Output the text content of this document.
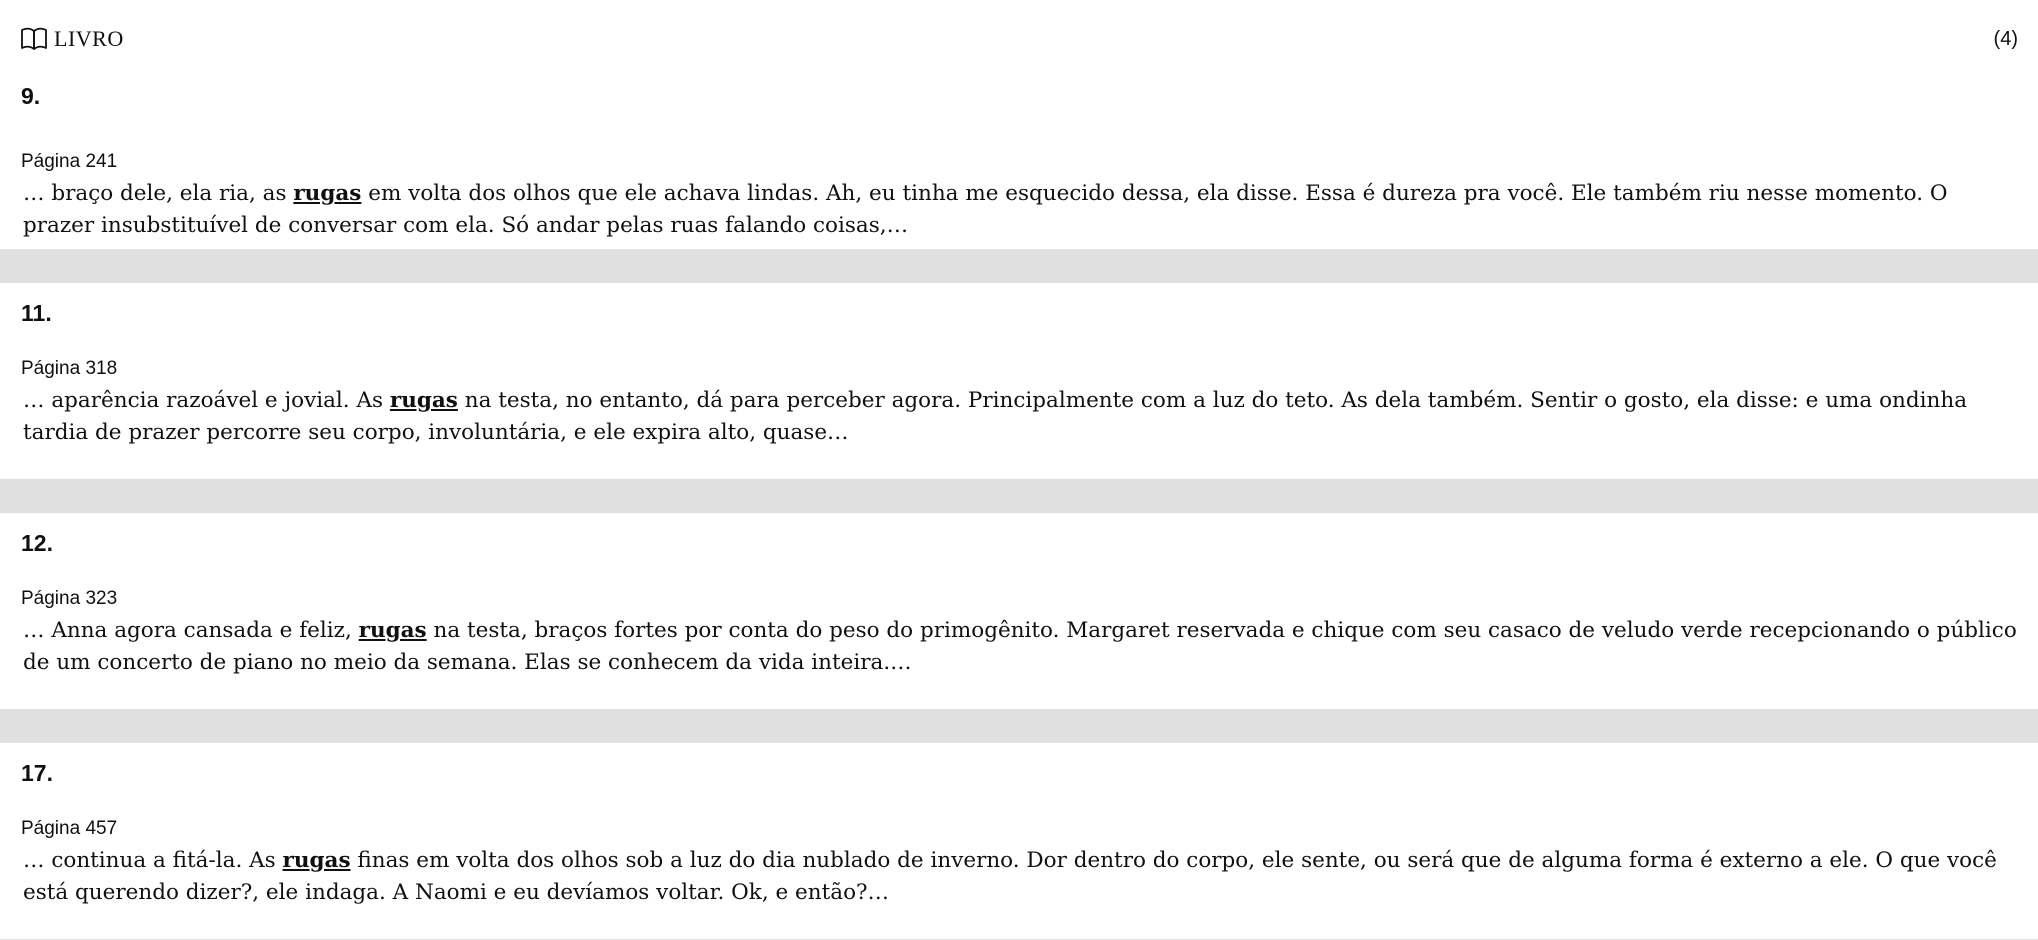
LIVRO	(4)
9.
Página 241
… braço dele, ela ria, as rugas em volta dos olhos que ele achava lindas. Ah, eu tinha me esquecido dessa, ela disse. Essa é dureza pra você. Ele também riu nesse momento. O prazer insubstituível de conversar com ela. Só andar pelas ruas falando coisas,…
11.
Página 318
… aparência razoável e jovial. As rugas na testa, no entanto, dá para perceber agora. Principalmente com a luz do teto. As dela também. Sentir o gosto, ela disse: e uma ondinha tardia de prazer percorre seu corpo, involuntária, e ele expira alto, quase…
12.
Página 323
… Anna agora cansada e feliz, rugas na testa, braços fortes por conta do peso do primogênito. Margaret reservada e chique com seu casaco de veludo verde recepcionando o público de um concerto de piano no meio da semana. Elas se conhecem da vida inteira.…
17.
Página 457
… continua a fitá-la. As rugas finas em volta dos olhos sob a luz do dia nublado de inverno. Dor dentro do corpo, ele sente, ou será que de alguma forma é externo a ele. O que você está querendo dizer?, ele indaga. A Naomi e eu devíamos voltar. Ok, e então?…
